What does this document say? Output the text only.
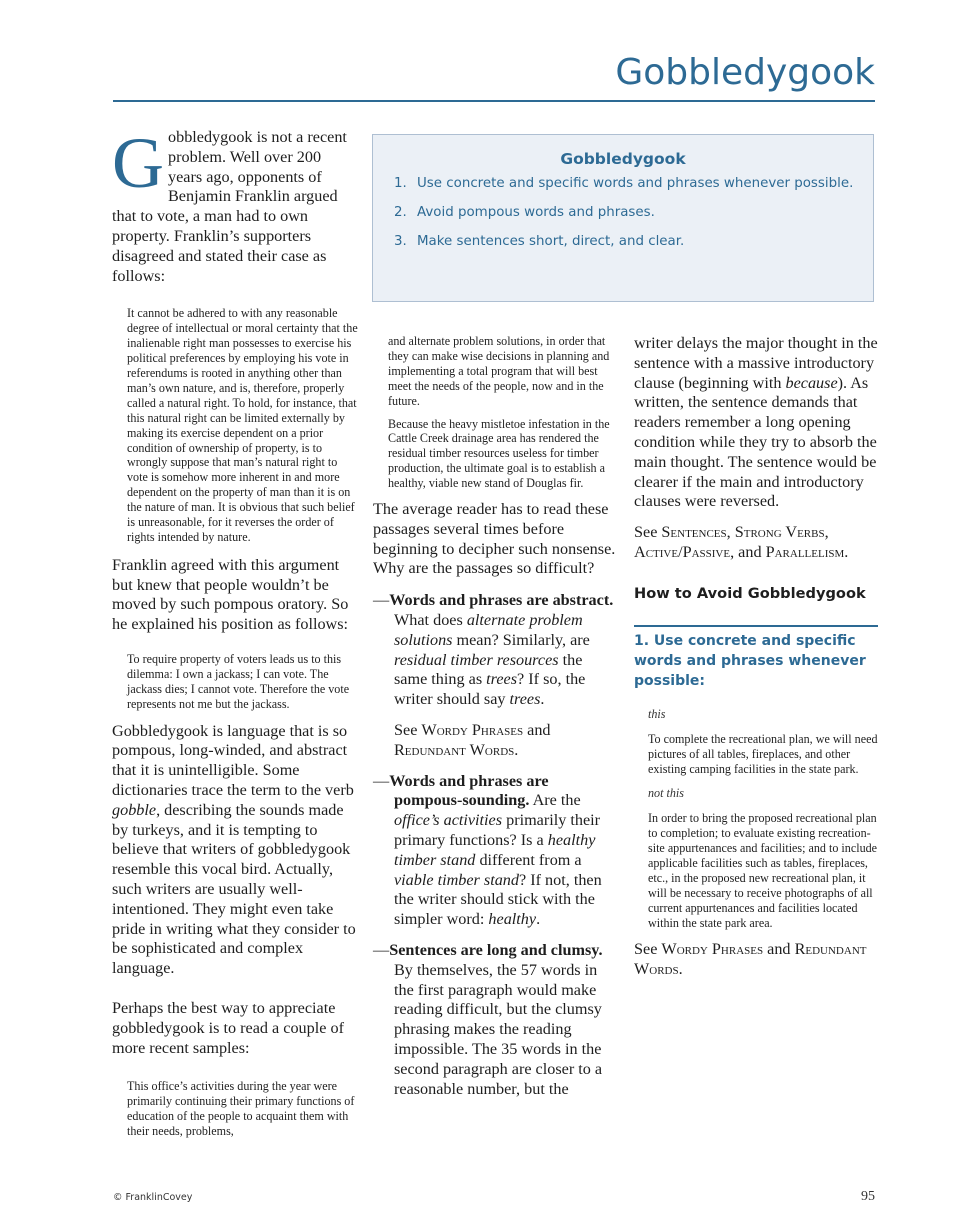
Gobbledygook
Gobbledygook
1. Use concrete and specific words and phrases whenever possible.
2. Avoid pompous words and phrases.
3. Make sentences short, direct, and clear.

Gobbledygook is not a recent problem. Well over 200 years ago, opponents of Benjamin Franklin argued that to vote, a man had to own property. Franklin’s supporters disagreed and stated their case as follows:

It cannot be adhered to with any reasonable degree of intellectual or moral certainty that the inalienable right man possesses to exercise his political preferences by employing his vote in referendums is rooted in anything other than man’s own nature, and is, therefore, properly called a natural right. To hold, for instance, that this natural right can be limited externally by making its exercise dependent on a prior condition of ownership of property, is to wrongly suppose that man’s natural right to vote is somehow more inherent in and more dependent on the property of man than it is on the nature of man. It is obvious that such belief is unreasonable, for it reverses the order of rights intended by nature.

Franklin agreed with this argument but knew that people wouldn’t be moved by such pompous oratory. So he explained his position as follows:

To require property of voters leads us to this dilemma: I own a jackass; I can vote. The jackass dies; I cannot vote. Therefore the vote represents not me but the jackass.

Gobbledygook is language that is so pompous, long-winded, and abstract that it is unintelligible. Some dictionaries trace the term to the verb gobble, describing the sounds made by turkeys, and it is tempting to believe that writers of gobbledygook resemble this vocal bird. Actually, such writers are usually well-intentioned. They might even take pride in writing what they consider to be sophisticated and complex language.

Perhaps the best way to appreciate gobbledygook is to read a couple of more recent samples:

This office’s activities during the year were primarily continuing their primary functions of education of the people to acquaint them with their needs, problems,

and alternate problem solutions, in order that they can make wise decisions in planning and implementing a total program that will best meet the needs of the people, now and in the future.

Because the heavy mistletoe infestation in the Cattle Creek drainage area has rendered the residual timber resources useless for timber production, the ultimate goal is to establish a healthy, viable new stand of Douglas fir.

The average reader has to read these passages several times before beginning to decipher such nonsense. Why are the passages so difficult?

—Words and phrases are abstract. What does alternate problem solutions mean? Similarly, are residual timber resources the same thing as trees? If so, the writer should say trees.

See Wordy Phrases and Redundant Words.

—Words and phrases are pompous-sounding. Are the office’s activities primarily their primary functions? Is a healthy timber stand different from a viable timber stand? If not, then the writer should stick with the simpler word: healthy.

—Sentences are long and clumsy. By themselves, the 57 words in the first paragraph would make reading difficult, but the clumsy phrasing makes the reading impossible. The 35 words in the second paragraph are closer to a reasonable number, but the

writer delays the major thought in the sentence with a massive introductory clause (beginning with because). As written, the sentence demands that readers remember a long opening condition while they try to absorb the main thought. The sentence would be clearer if the main and introductory clauses were reversed.

See Sentences, Strong Verbs, Active/Passive, and Parallelism.

How to Avoid Gobbledygook

1. Use concrete and specific words and phrases whenever possible:

this

To complete the recreational plan, we will need pictures of all tables, fireplaces, and other existing camping facilities in the state park.

not this

In order to bring the proposed recreational plan to completion; to evaluate existing recreation-site appurtenances and facilities; and to include applicable facilities such as tables, fireplaces, etc., in the proposed new recreational plan, it will be necessary to receive photographs of all current appurtenances and facilities located within the state park area.

See Wordy Phrases and Redundant Words.

© FranklinCovey	95
